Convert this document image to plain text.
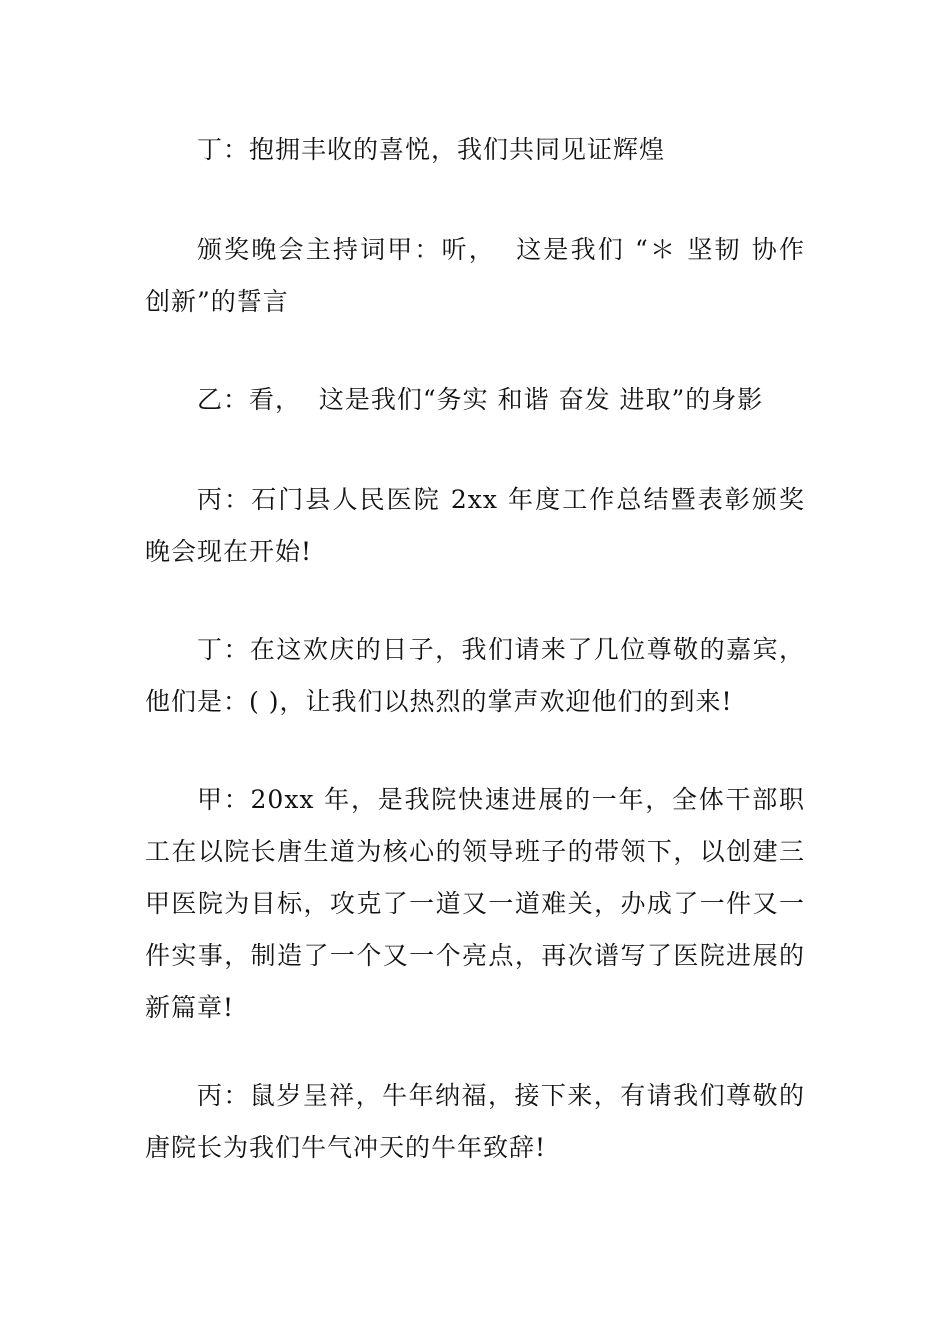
丁：抱拥丰收的喜悦，我们共同见证辉煌

颁奖晚会主持词甲：听，  这是我们 “＊ 坚韧 协作 创新”的誓言

乙：看，  这是我们“务实 和谐 奋发 进取”的身影

丙：石门县人民医院 2xx 年度工作总结暨表彰颁奖晚会现在开始!

丁：在这欢庆的日子，我们请来了几位尊敬的嘉宾，他们是：( )，让我们以热烈的掌声欢迎他们的到来!

甲：20xx 年，是我院快速进展的一年，全体干部职工在以院长唐生道为核心的领导班子的带领下，以创建三甲医院为目标，攻克了一道又一道难关，办成了一件又一件实事，制造了一个又一个亮点，再次谱写了医院进展的新篇章!

丙：鼠岁呈祥，牛年纳福，接下来，有请我们尊敬的唐院长为我们牛气冲天的牛年致辞!
